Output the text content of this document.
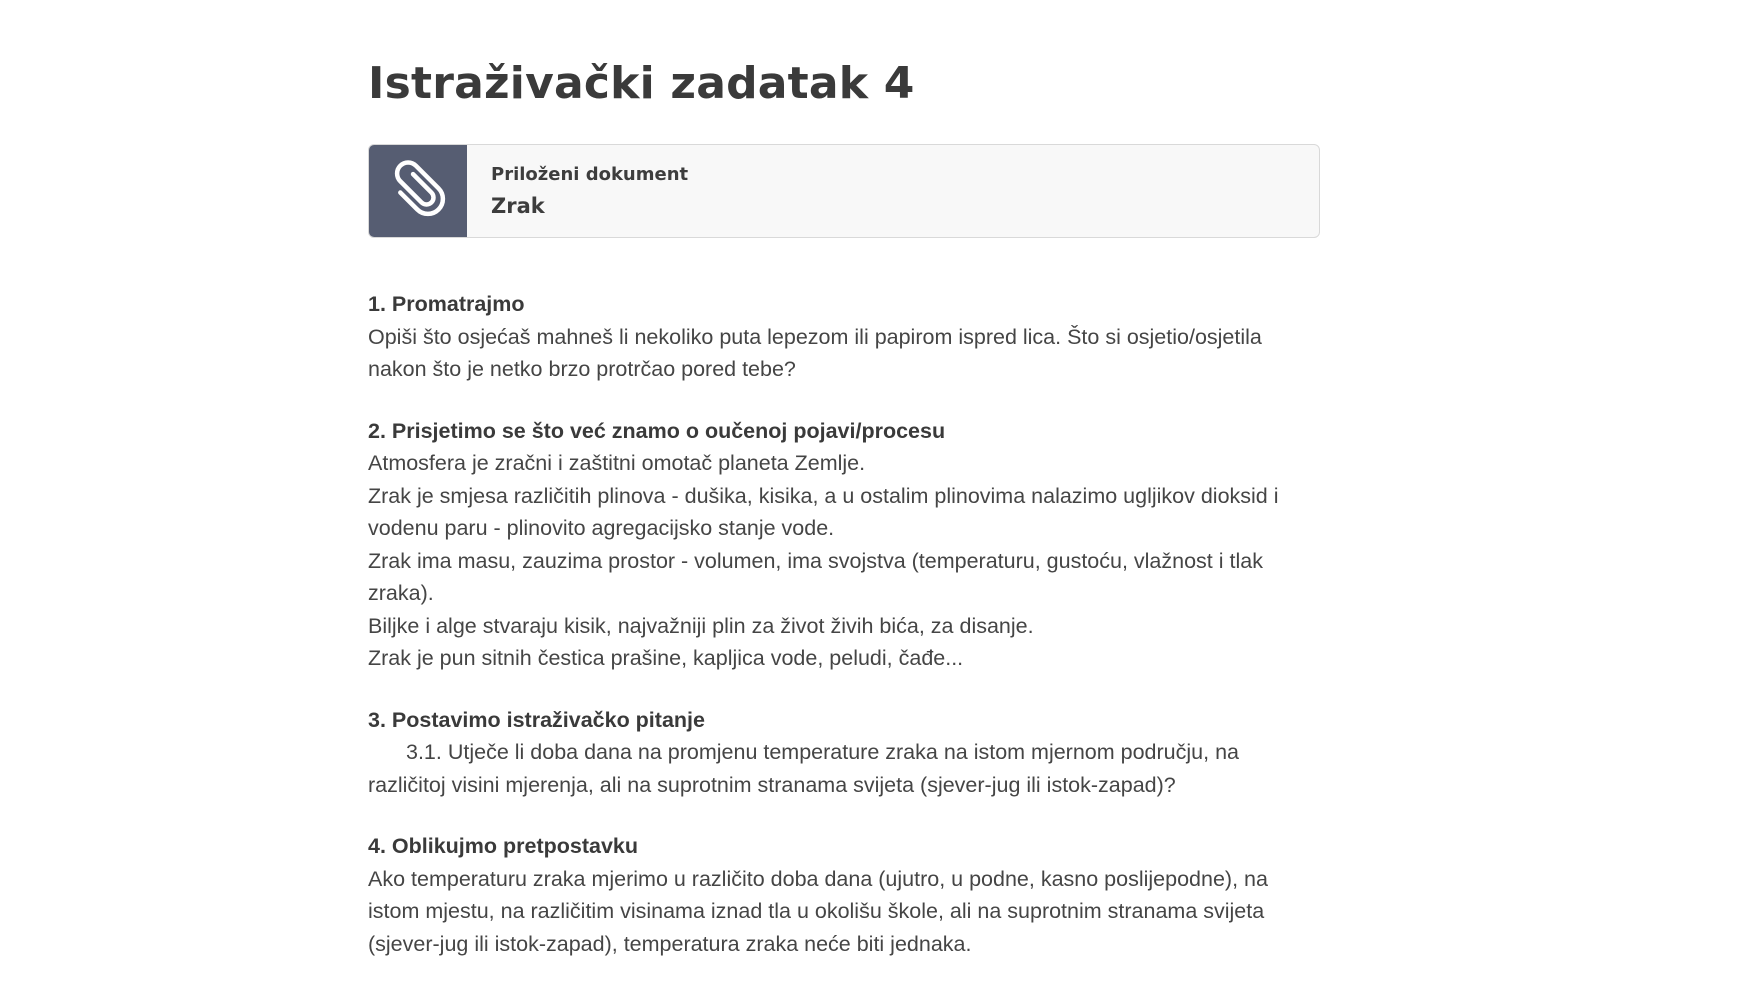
Istraživački zadatak 4
Priloženi dokument
Zrak
1. Promatrajmo
Opiši što osjećaš mahneš li nekoliko puta lepezom ili papirom ispred lica. Što si osjetio/osjetila
nakon što je netko brzo protrčao pored tebe?
2. Prisjetimo se što već znamo o oučenoj pojavi/procesu
Atmosfera je zračni i zaštitni omotač planeta Zemlje.
Zrak je smjesa različitih plinova - dušika, kisika, a u ostalim plinovima nalazimo ugljikov dioksid i
vodenu paru - plinovito agregacijsko stanje vode.
Zrak ima masu, zauzima prostor - volumen, ima svojstva (temperaturu, gustoću, vlažnost i tlak
zraka).
Biljke i alge stvaraju kisik, najvažniji plin za život živih bića, za disanje.
Zrak je pun sitnih čestica prašine, kapljica vode, peludi, čađe...
3. Postavimo istraživačko pitanje
3.1. Utječe li doba dana na promjenu temperature zraka na istom mjernom području, na
različitoj visini mjerenja, ali na suprotnim stranama svijeta (sjever-jug ili istok-zapad)?
4. Oblikujmo pretpostavku
Ako temperaturu zraka mjerimo u različito doba dana (ujutro, u podne, kasno poslijepodne), na
istom mjestu, na različitim visinama iznad tla u okolišu škole, ali na suprotnim stranama svijeta
(sjever-jug ili istok-zapad), temperatura zraka neće biti jednaka.
